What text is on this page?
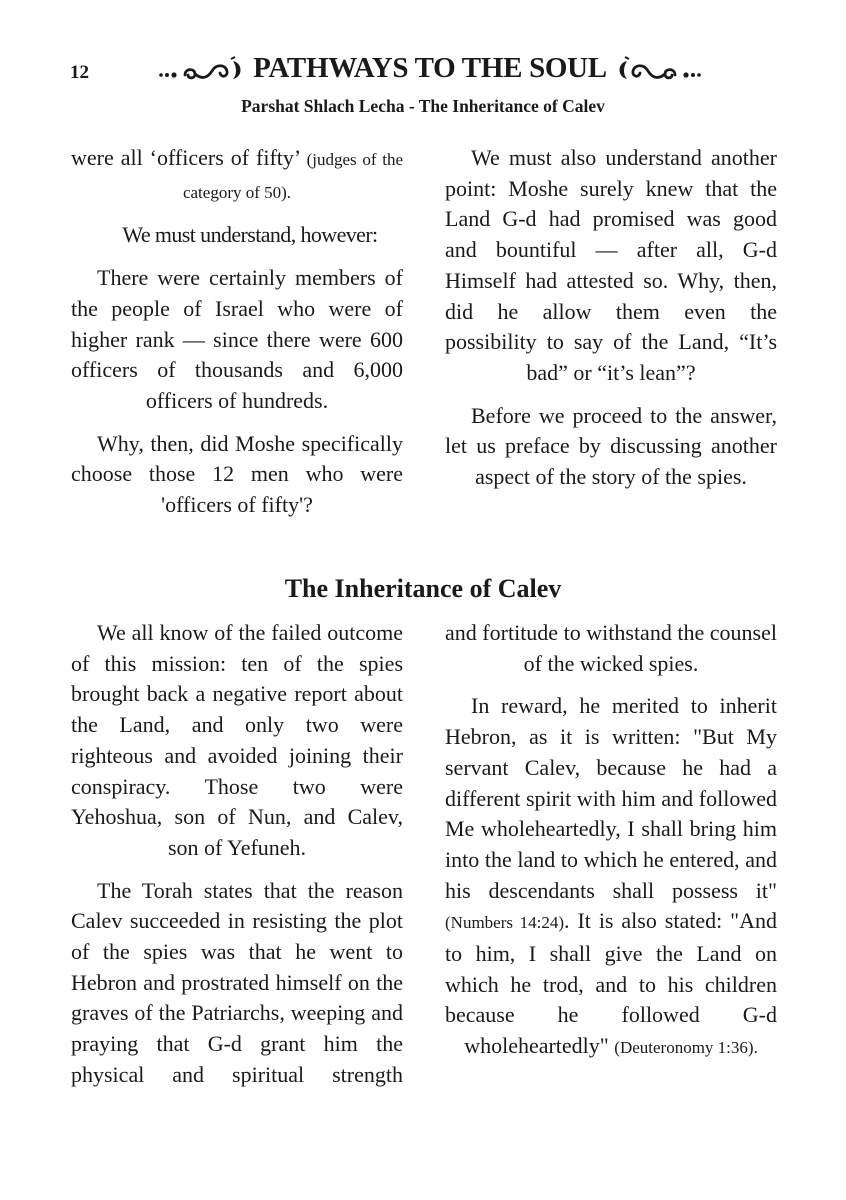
12	PATHWAYS TO THE SOUL
Parshat Shlach Lecha - The Inheritance of Calev

were all ‘officers of fifty’ (judges of the category of 50).

We must understand, however:

There were certainly members of the people of Israel who were of higher rank — since there were 600 officers of thousands and 6,000 officers of hundreds.

Why, then, did Moshe specifically choose those 12 men who were 'officers of fifty'?

We must also understand another point: Moshe surely knew that the Land G-d had promised was good and bountiful — after all, G-d Himself had attested so. Why, then, did he allow them even the possibility to say of the Land, “It’s bad” or “it’s lean”?

Before we proceed to the answer, let us preface by discussing another aspect of the story of the spies.

The Inheritance of Calev

We all know of the failed outcome of this mission: ten of the spies brought back a negative report about the Land, and only two were righteous and avoided joining their conspiracy. Those two were Yehoshua, son of Nun, and Calev, son of Yefuneh.

The Torah states that the reason Calev succeeded in resisting the plot of the spies was that he went to Hebron and prostrated himself on the graves of the Patriarchs, weeping and praying that G-d grant him the physical and spiritual strength

and fortitude to withstand the counsel of the wicked spies.

In reward, he merited to inherit Hebron, as it is written: "But My servant Calev, because he had a different spirit with him and followed Me wholeheartedly, I shall bring him into the land to which he entered, and his descendants shall possess it" (Numbers 14:24). It is also stated: "And to him, I shall give the Land on which he trod, and to his children because he followed G-d wholeheartedly" (Deuteronomy 1:36).
